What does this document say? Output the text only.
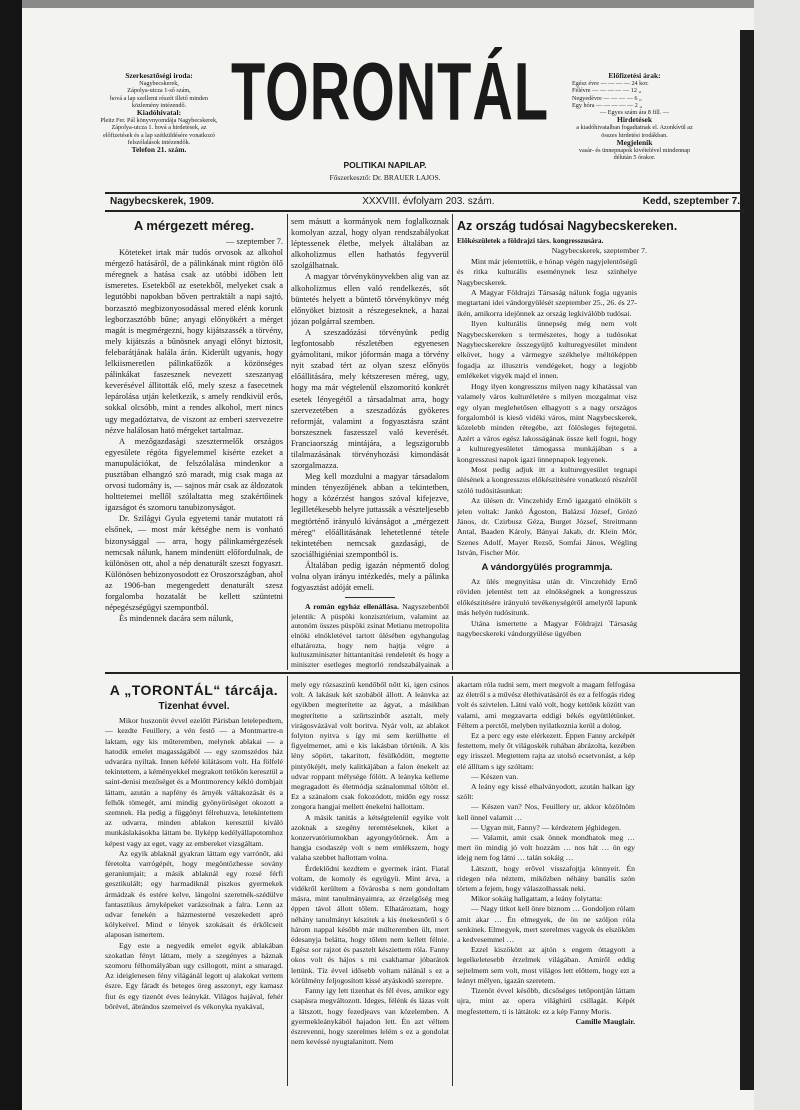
Szerkesztőségi iroda:
Nagybecskerek,
Zápolya-utcza 1-ső szám,
hová a lap szellemi részét illető minden közlemény intézendő.
Kiadóhivatal:
Pleitz Fer. Pál könyvnyomdája Nagybecskerek, Zápolya-utcza 1. hová a hirdetések, az előfizetések és a lap szétküldésére vonatkozó felszólalások intézendők.
Telefon 21. szám.
TORONTÁL
POLITIKAI NAPILAP.
Főszerkesztő: Dr. BRAUER LAJOS.
Előfizetési árak:
Egész évre — — — — 24 kor.
Félévre — — — — — 12 „
Negyedévre — — — — 6 „
Egy hóra — — — — — 2 „
— Egyes szám ára 8 fill. —
Hirdetések
a kiadóhivatalban fogadtatnak el. Azonkívül az összes hirdetési irodákban.
Megjelenik
vasár- és ünnepnapok kivételével mindennap délután 5 órakor.
Nagybecskerek, 1909.	XXXVIII. évfolyam 203. szám.	Kedd, szeptember 7.
A mérgezett méreg.
— szeptember 7.

Köteteket irtak már tudós orvosok az alkohol mérgező hatásáról, de a pálinkának mint rögtön ölő méregnek a hatása csak az utóbbi időben lett ismeretes. Esetekből az esetekből, melyeket csak a legutóbbi napokban bőven pertraktált a napi sajtó, borzasztó megbizonyosodással mered elénk korunk legborzasztóbb bűne; anyagi előnyökért a mérget magát is megmérgezni, hogy kijátszassék a törvény, mely kijátszás a bűnösnek anyagi előnyt biztosit, felebarátjának halála árán. Kiderült ugyanis, hogy lelkiismeretlen pálinkafőzők a közönséges pálinkákat faszesznek nevezett szeszanyag keverésével állitották elő, mely szesz a fasecetnek lepárolása utján keletkezik, s amely rendkivül erős, sokkal olcsóbb, mint a rendes alkohol, mert nincs ugy megadóztatva, de viszont az emberi szervezetre nézve halálosan ható mérgeket tartalmaz.

A mezőgazdasági szesztermelők országos egyesülete régóta figyelemmel kisérte ezeket a manupulációkat, de felszólalása mindenkor a pusztában elhangzó szó maradt, mig csak maga az orvosi tudomány is, — sajnos már csak az áldozatok holttetemei mellől szólaltatta meg szakértőinek igazságot és szomoru tanubizonyságot.

Dr. Szilágyi Gyula egyetemi tanár mutatott rá elsőnek, — most már kétségbe nem is vonható bizonysággal — arra, hogy pálinkamérgezések nemcsak nálunk, hanem mindenütt előfordulnak, de különösen ott, ahol a nép denaturált szeszt fogyaszt. Különösen bebizonyosodott ez Oroszországban, ahol az 1906-ban megengedett denaturált szesz forgalomba hozatalát be kellett szüntetni népegészségügyi szempontból.

És mindennek dacára sem nálunk,

sem másutt a kormányok nem foglalkoznak komolyan azzal, hogy olyan rendszabályokat léptessenek életbe, melyek általában az alkoholizmus ellen hathatós fegyverül szolgálhatnak.

A magyar törvénykönyvekben alig van az alkoholizmus ellen való rendelkezés, sőt büntetés helyett a büntető törvénykönyv még előnyöket biztosit a részegeseknek, a hazai józan polgárral szemben.

A szeszadózási törvényünk pedig legfontosabb részletében egyenesen gyámolitani, mikor jóformán maga a törvény nyit szabad tért az olyan szesz előnyös előállitására, mely kétszeresen méreg, ugy, hogy ma már végtelenül elszomoritó konkrét esetek lényegétől a társadalmat arra, hogy szervezetében a szeszadózás gyökeres reformját, valamint a fogyasztásra szánt borszesznek faszesszel való keverését. Franciaország mintájára, a legszigorubb tilalmazásának törvényhozási kimondását szorgalmazza.

Meg kell mozdulni a magyar társadalom minden tényezőjének abban a tekintetben, hogy a közérzést hangos szóval kifejezve, legilletékesebb helyre juttassák a vészteljesebb megtörténő irányuló kívánságot a „mérgezett méreg“ előállitásának lehetetlenné tétele tekintetében nemcsak gazdasági, de szociálhigiéniai szempontból is.

Általában pedig igazán népmentő dolog volna olyan irányu intézkedés, mely a pálinka fogyasztást adóját emeli.

A román egyház ellenállása. Nagyszebenből jelentik: A püspöki konzisztórium, valamint az autonóm összes püspöki zsinat Metianu metropolita elnöki elnökletével tartott ülésében egyhangulag elhatározta, hogy nem hajtja végre a kultuszminiszter hittantanitási rendeletét és hogy a miniszter esetleges megtorló rendszabályainak a

Az ország tudósai Nagybecskereken.
Előkészületek a földrajzi társ. kongresszusára.
Nagybecskerek, szeptember 7.

Mint már jelentettük, e hónap végén nagyjelentőségű és ritka kulturális eseménynek lesz szinhelye Nagybecskerek.

A Magyar Földrajzi Társaság nálunk fogja ugyanis megtartani idei vándorgyülését szeptember 25., 26. és 27-ikén, amikorra idejönnek az ország legkiválóbb tudósai.

Ilyen kulturális ünnepség még nem volt Nagybecskereken s természetes, hogy a tudósokat Nagybecskerekre összegyüjtő kulturegyesület mindent elkövet, hogy a vármegye székhelye méltóképpen fogadja az illusztris vendégeket, hogy a legjobb emlékeket vigyék majd el innen.

Hogy ilyen kongresszus milyen nagy kihatással van valamely város kulturéletére s milyen mozgalmat visz egy olyan meglehetősen elhagyott s a nagy országos forgalomból is kieső vidéki város, mint Nagybecskerek, közelebb minden rétegébe, azt fölösleges fejtegetni. Azért a város egész lakosságának össze kell fogni, hogy a kulturegyesületet támogassa munkájában s a kongresszusi napok igazi ünnepnapok legyenek.

Most pedig adjuk itt a kulturegyesület tegnapi ülésének a kongresszus előkészitésére vonatkozó részéről szóló tudósitásunkat:

Az ülésen dr. Vinczehidy Ernő igazgató elnökölt s jelen voltak: Jankó Ágoston, Balázsi József, Grózó János, dr. Czirbusz Géza, Burget József, Streitmann Antal, Baaden Károly, Bányai Jakab, dr. Klein Mór, Szenes Adolf, Mayer Rezső, Somfai János, Wégling István, Fischer Mór.

A vándorgyülés programmja.

Az ülés megnyitása után dr. Vinczehidy Ernő röviden jelentést tett az elnökségnek a kongresszus előkészitésére irányuló tevékenységéről amelyről lapunk más helyén tudósitunk.

Utána ismertette a Magyar Földrajzi Társaság nagybecskereki vándorgyülése ügyében

A „TORONTÁL“ tárcája.
Tizenhat évvel.

Mikor huszonöt évvel ezelőtt Párisban letelepedtem, — kezdte Feuillery, a vén festő — a Montmartre-n laktam, egy kis műteremben, melynek ablakai — a hatodik emelet magasságából — egy szomszédos ház udvarára nyiltak. Innen kéfelé kilátásom volt. Ha fölfelé tekintettem, a kéményekkel megrakott tetőkön keresztül a saint-denisi mezőséget és a Montmorency kékló dombjait láttam, azután a napfény és árnyék váltakozását és a felhők tömegét, ami mindig gyönyörüséget okozott a szemnek. Ha pedig a függönyt félrehuzva, letekintettem az udvarra, minden ablakon keresztül kiváló munkáslakásokba láttam be. Ilyképp kedélyállapotomhoz képest vagy az eget, vagy az embereket vizsgáltam.

Az egyik ablaknál gyakran láttam egy varrónőt, aki féretolta varrógépét, hogy megöntözhesse sovány geraniumjait; a másik ablaknál egy rozsé férfi gesztikulált; egy harmadiknál piszkos gyermekek ármádzak és estére kelve, lángolni szeretnék-szédülve fantasztikus árnyképeket varázsolnak a falra. Lenn az udvar fenekén a házmesterné veszekedett apró kölykeivel. Mind e lények szokásait és érkőlcseit alaposan ismertem.

Egy este a negyedik emelet egyik ablakában szokatlan fényt láttam, mely a szegényes a háznak szomoru félhomályában ugy csillogott, mint a smaragd. Az ideiglenesen fény világánál legott uj alakokat vettem észre. Egy fáradt és beteges öreg asszonyt, egy kamasz fiut és egy tizenöt éves leánykát. Világos hajával, fehér bőrével, ábrándos szemeivel és vékonyka nyakával,

mely egy rózsaszinü kendőből nőtt ki, igen csinos volt. A lakásuk két szobából állott. A leánvka az egyikben megterítette az ágyat, a másikban megterítette a szűrtszinbőt asztalt, mely virágosvázával volt boritva. Nyár volt, az ablakot folyton nyitva s így mi sem kerülhette el figyelmemet, ami e kis lakásban történik. A kis lény söpört, takaritott, fésülködött, megtette pintyőkéjét, mely kalitkájában a falon énekelt az udvar roppant mélysége fölött. A leányka kelleme megragadott és életmódja szánalommal töltött el. Ez a szánalom csak fokozódott, midőn egy rossz zongora hangjai mellett énekelni hallottam.

A másik tanitás a kétségtelenül egyike volt azoknak a szegény teremtéseknek, kiket a konzervatóriumokban agyongyötörnek. Ám a hangja csodaszép volt s nem emlékszem, hogy valaha szebbet hallottam volna.

Érdeklődni kezdtem e gyermek iránt. Fiatal voltam, de komoly és együgyü. Mint árva, a vidékről kerültem a fővárosba s nem gondoltam másra, mint tanulmányaimra, az érzelgőség meg éppen távol állott tőlem. Elhatároztam, hogy néhány tanulmányt készitek a kis énekesnőről s ő három nappal később már múlteremben ült, mert édesanyja belátta, hogy tőlem nem kellett félnie. Egész sor rajzot és pasztelt késziettem róla. Fanny okos volt és hájos s mi csakhamar jóbarátok lettünk. Tíz évvel idősebb voltam nálánál s ez a körülmény feljogosított kissé atyáskodó szerepre.

Fanny igy lett tizenhat és fél éves, amikor egy csapásra megváltozott. Ideges, félénk és lázas volt a látszott, hogy fezedjeavs van közelemben. A gyermekleánykából hajadon lett. Én azt véltem észrevenni, hogy szerelmes lelém s ez a gondolat nem kevéssé nyugtalanitott. Nem

akartam róla tudni sem, mert megvolt a magam felfogása az életről s a művész élethivatásáról és ez a felfogás rideg volt és szivtelen. Látni való volt, hogy kettőnk között van valami, ami megzavarta eddigi békés együttlétünket. Féltem a perctől, melyben nyilatkoznia kerül a dolog.

Ez a perc egy este elérkezett. Éppen Fanny arcképét festettem, mely őt világoskék ruhában ábrázolta, kezében egy irisszel. Megtettem rajta az utolsó ecsetvonást, a kép elé állítam s igy szóltam:

— Készen van.

A leány egy kissé elhalványodott, azután halkan így szólt:

— Készen van? Nos, Feuillery ur, akkor közölnöm kell önnel valamit …

— Ugyan mit, Fanny? — kérdeztem jéghidegen.

— Valamit, amit csak önnek mondhatok meg … mert ön mindig jó volt hozzám … nos hát … ön egy idejg nem fog látni … talán sokáig …

Látszott, hogy erővel visszafojtja könnyeit. Én ridegen néa néztem, mikőzben néhány banális szón törtem a fejem, hogy válaszolhassak neki.

Mikor sokáig hallgattam, a leány folytatta:

— Nagy titkot kell önre biznom … Gondoljon rólam amit akar … Én elmegyek, de ön ne szóljon róla senkinek. Elmegyek, mert szerelmes vagyok és elszököm a kedvesemmel …

Ezzel kiszökött az ajtón s engem óttagyott a legelkeletesebb érzelmek világában. Amiről eddig sejtelmem sem volt, most világos lett előttem, hogy ezt a leányt mélyen, igazán szeretem.

Tizenöt évvel később, dicsőséges tetőpontján láttam ujra, mint az opera világhirű csillagát. Képét megfestettem, ti is láttátok: ez a kép Fanny Moris.

Camille Mauglair.
